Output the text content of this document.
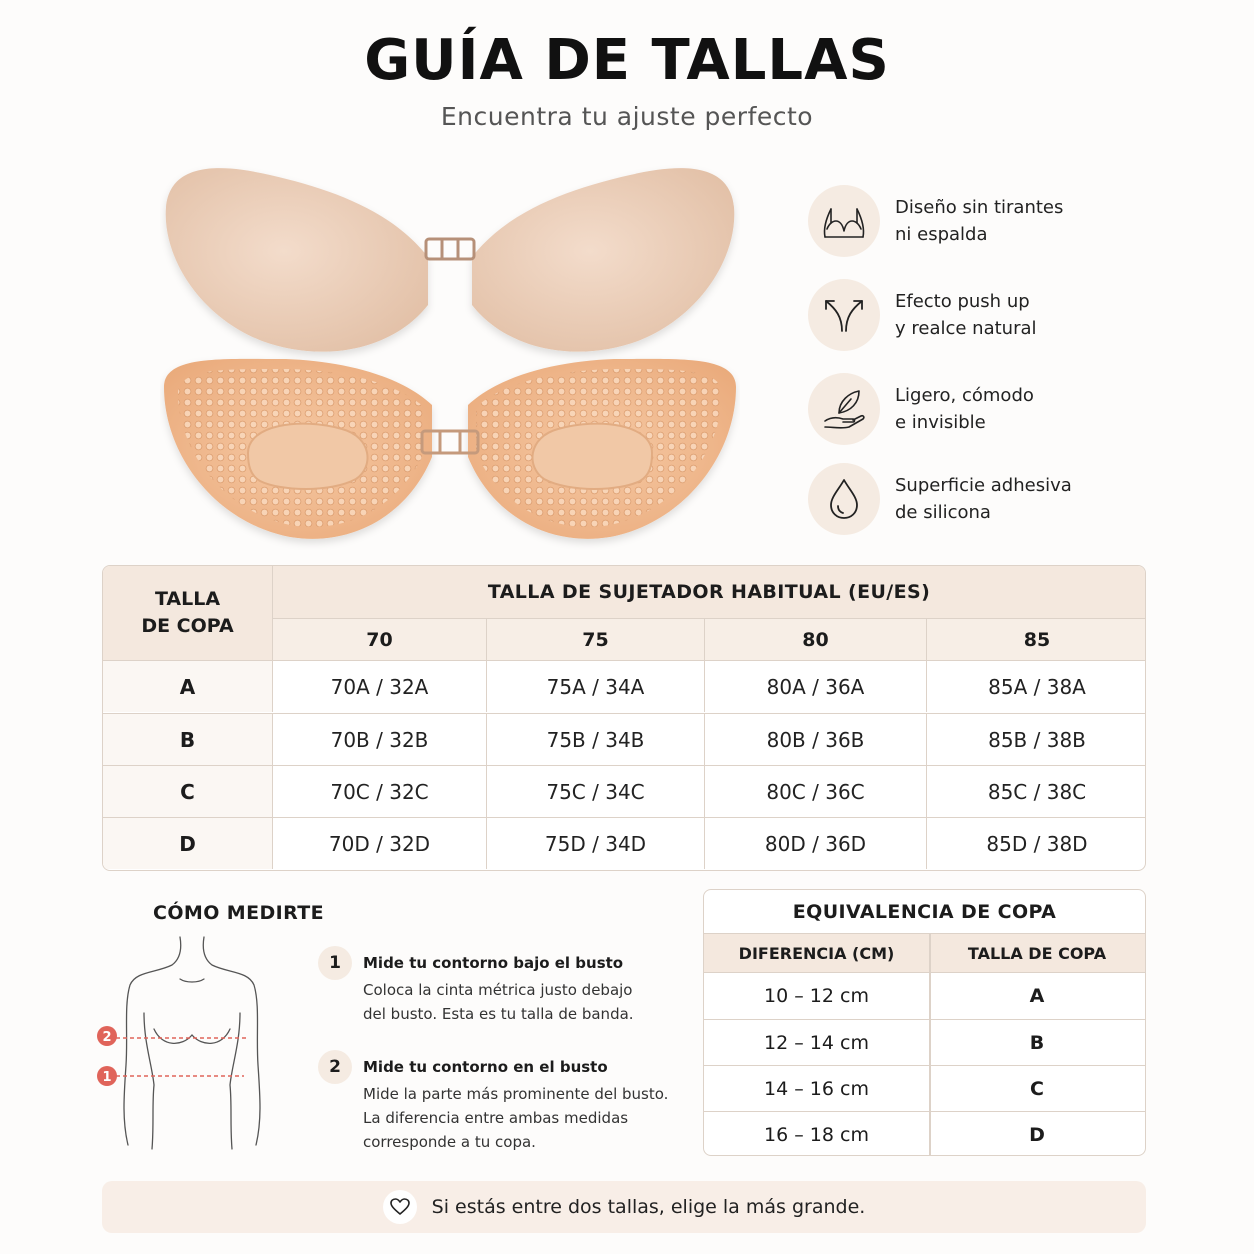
GUÍA DE TALLAS
Encuentra tu ajuste perfecto
Diseño sin tirantes
ni espalda
Efecto push up
y realce natural
Ligero, cómodo
e invisible
Superficie adhesiva
de silicona
TALLA
DE COPA
TALLA DE SUJETADOR HABITUAL (EU/ES)
70	75	80	85
A	70A / 32A	75A / 34A	80A / 36A	85A / 38A
B	70B / 32B	75B / 34B	80B / 36B	85B / 38B
C	70C / 32C	75C / 34C	80C / 36C	85C / 38C
D	70D / 32D	75D / 34D	80D / 36D	85D / 38D
CÓMO MEDIRTE
2
1
1	Mide tu contorno bajo el busto
Coloca la cinta métrica justo debajo
del busto. Esta es tu talla de banda.
2	Mide tu contorno en el busto
Mide la parte más prominente del busto.
La diferencia entre ambas medidas
corresponde a tu copa.
EQUIVALENCIA DE COPA
DIFERENCIA (CM)	TALLA DE COPA
10 – 12 cm	A
12 – 14 cm	B
14 – 16 cm	C
16 – 18 cm	D
Si estás entre dos tallas, elige la más grande.
